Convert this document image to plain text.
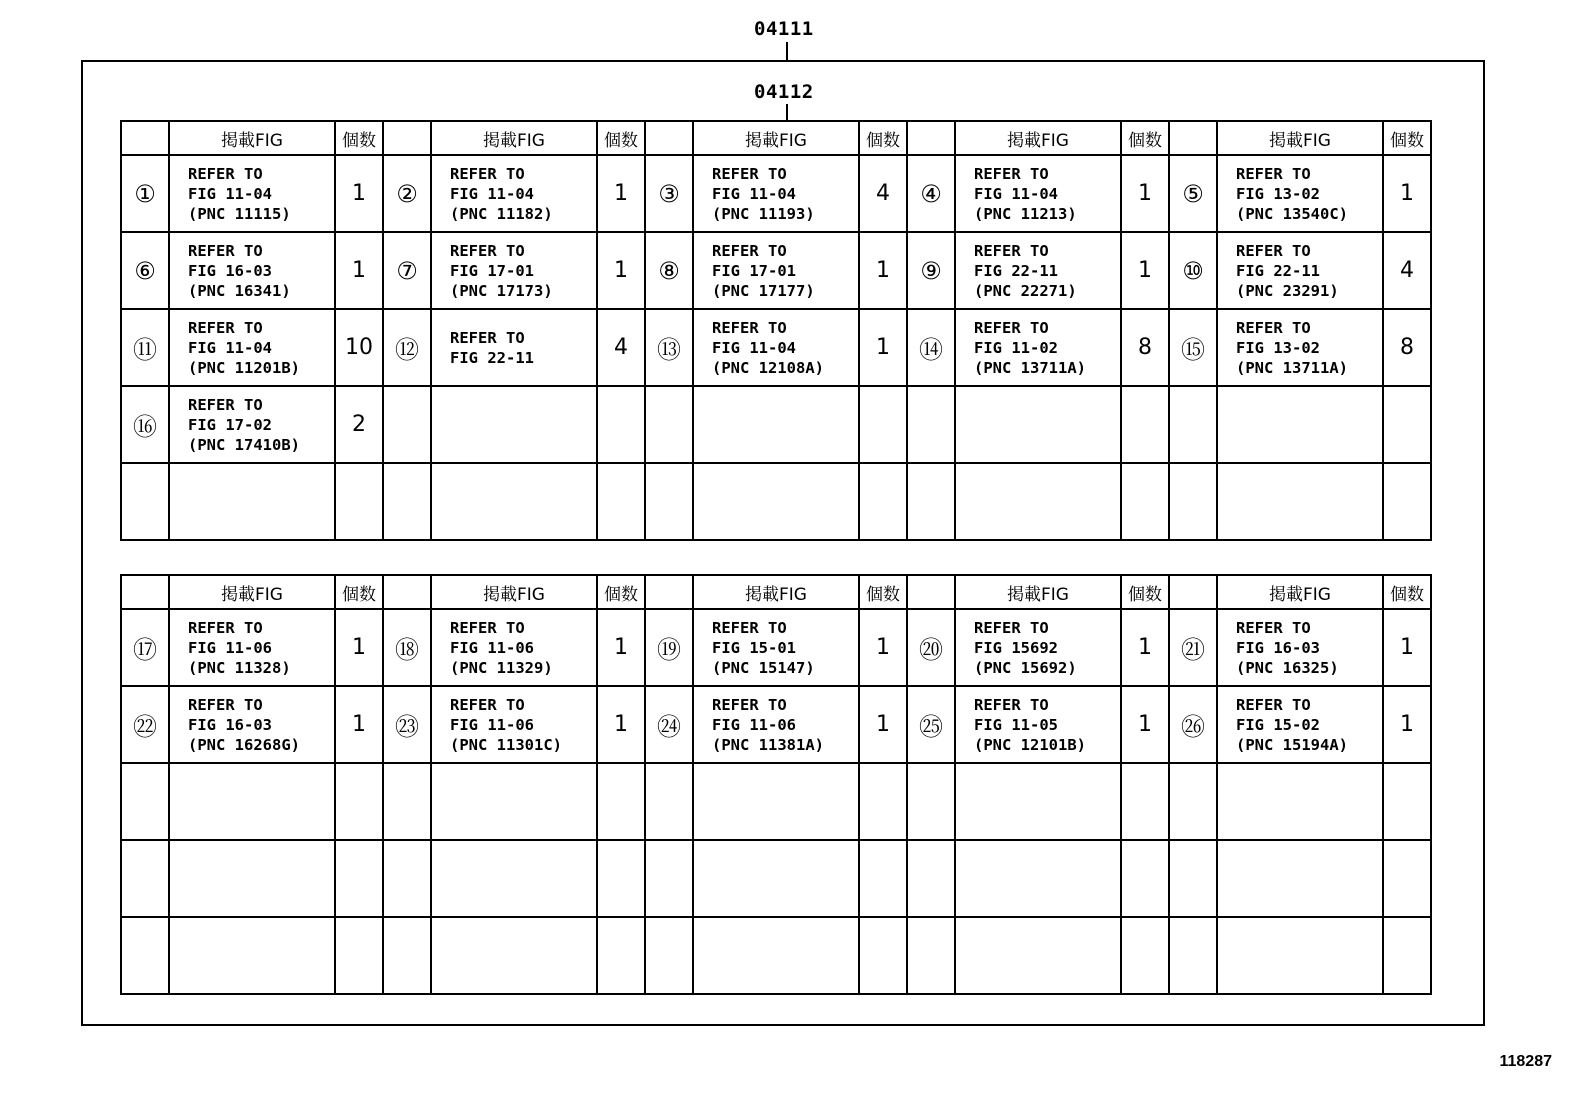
04111
04112
	掲載FIG	個数		掲載FIG	個数		掲載FIG	個数		掲載FIG	個数		掲載FIG	個数
①	REFER TO
FIG 11-04
(PNC 11115)	1	②	REFER TO
FIG 11-04
(PNC 11182)	1	③	REFER TO
FIG 11-04
(PNC 11193)	4	④	REFER TO
FIG 11-04
(PNC 11213)	1	⑤	REFER TO
FIG 13-02
(PNC 13540C)	1
⑥	REFER TO
FIG 16-03
(PNC 16341)	1	⑦	REFER TO
FIG 17-01
(PNC 17173)	1	⑧	REFER TO
FIG 17-01
(PNC 17177)	1	⑨	REFER TO
FIG 22-11
(PNC 22271)	1	⑩	REFER TO
FIG 22-11
(PNC 23291)	4
⑪	REFER TO
FIG 11-04
(PNC 11201B)	10	⑫	REFER TO
FIG 22-11	4	⑬	REFER TO
FIG 11-04
(PNC 12108A)	1	⑭	REFER TO
FIG 11-02
(PNC 13711A)	8	⑮	REFER TO
FIG 13-02
(PNC 13711A)	8
⑯	REFER TO
FIG 17-02
(PNC 17410B)	2		

	掲載FIG	個数		掲載FIG	個数		掲載FIG	個数		掲載FIG	個数		掲載FIG	個数
⑰	REFER TO
FIG 11-06
(PNC 11328)	1	⑱	REFER TO
FIG 11-06
(PNC 11329)	1	⑲	REFER TO
FIG 15-01
(PNC 15147)	1	⑳	REFER TO
FIG 15692
(PNC 15692)	1	㉑	REFER TO
FIG 16-03
(PNC 16325)	1
㉒	REFER TO
FIG 16-03
(PNC 16268G)	1	㉓	REFER TO
FIG 11-06
(PNC 11301C)	1	㉔	REFER TO
FIG 11-06
(PNC 11381A)	1	㉕	REFER TO
FIG 11-05
(PNC 12101B)	1	㉖	REFER TO
FIG 15-02
(PNC 15194A)	1

118287
